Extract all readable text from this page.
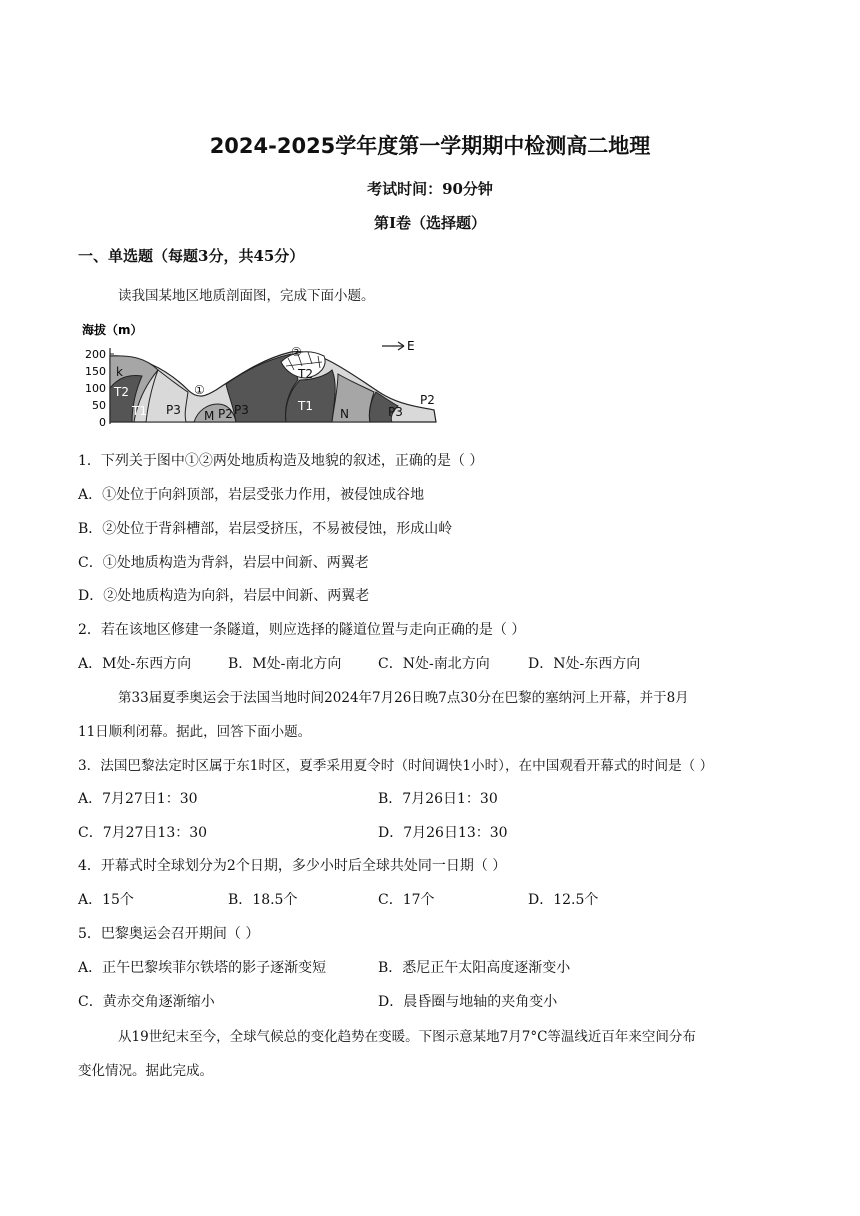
2024-2025学年度第一学期期中检测高二地理
考试时间：90分钟
第I卷（选择题）
一、单选题（每题3分，共45分）
读我国某地区地质剖面图，完成下面小题。
海拔（m）
200
150
100
50
0
k
T2
T1 P3 M P2 P3
①
②
T2
T1
N	P3
P2
E
1．下列关于图中①②两处地质构造及地貌的叙述，正确的是（ ）
A．①处位于向斜顶部，岩层受张力作用，被侵蚀成谷地
B．②处位于背斜槽部，岩层受挤压，不易被侵蚀，形成山岭
C．①处地质构造为背斜，岩层中间新、两翼老
D．②处地质构造为向斜，岩层中间新、两翼老
2．若在该地区修建一条隧道，则应选择的隧道位置与走向正确的是（ ）
A．M处-东西方向	B．M处-南北方向	C．N处-南北方向	D．N处-东西方向
第33届夏季奥运会于法国当地时间2024年7月26日晚7点30分在巴黎的塞纳河上开幕，并于8月
11日顺利闭幕。据此，回答下面小题。
3．法国巴黎法定时区属于东1时区，夏季采用夏令时（时间调快1小时），在中国观看开幕式的时间是（ ）
A．7月27日1：30	B．7月26日1：30
C．7月27日13：30	D．7月26日13：30
4．开幕式时全球划分为2个日期，多少小时后全球共处同一日期（ ）
A．15个	B．18.5个	C．17个	D．12.5个
5．巴黎奥运会召开期间（ ）
A．正午巴黎埃菲尔铁塔的影子逐渐变短	B．悉尼正午太阳高度逐渐变小
C．黄赤交角逐渐缩小	D．晨昏圈与地轴的夹角变小
从19世纪末至今，全球气候总的变化趋势在变暖。下图示意某地7月7°C等温线近百年来空间分布
变化情况。据此完成。
